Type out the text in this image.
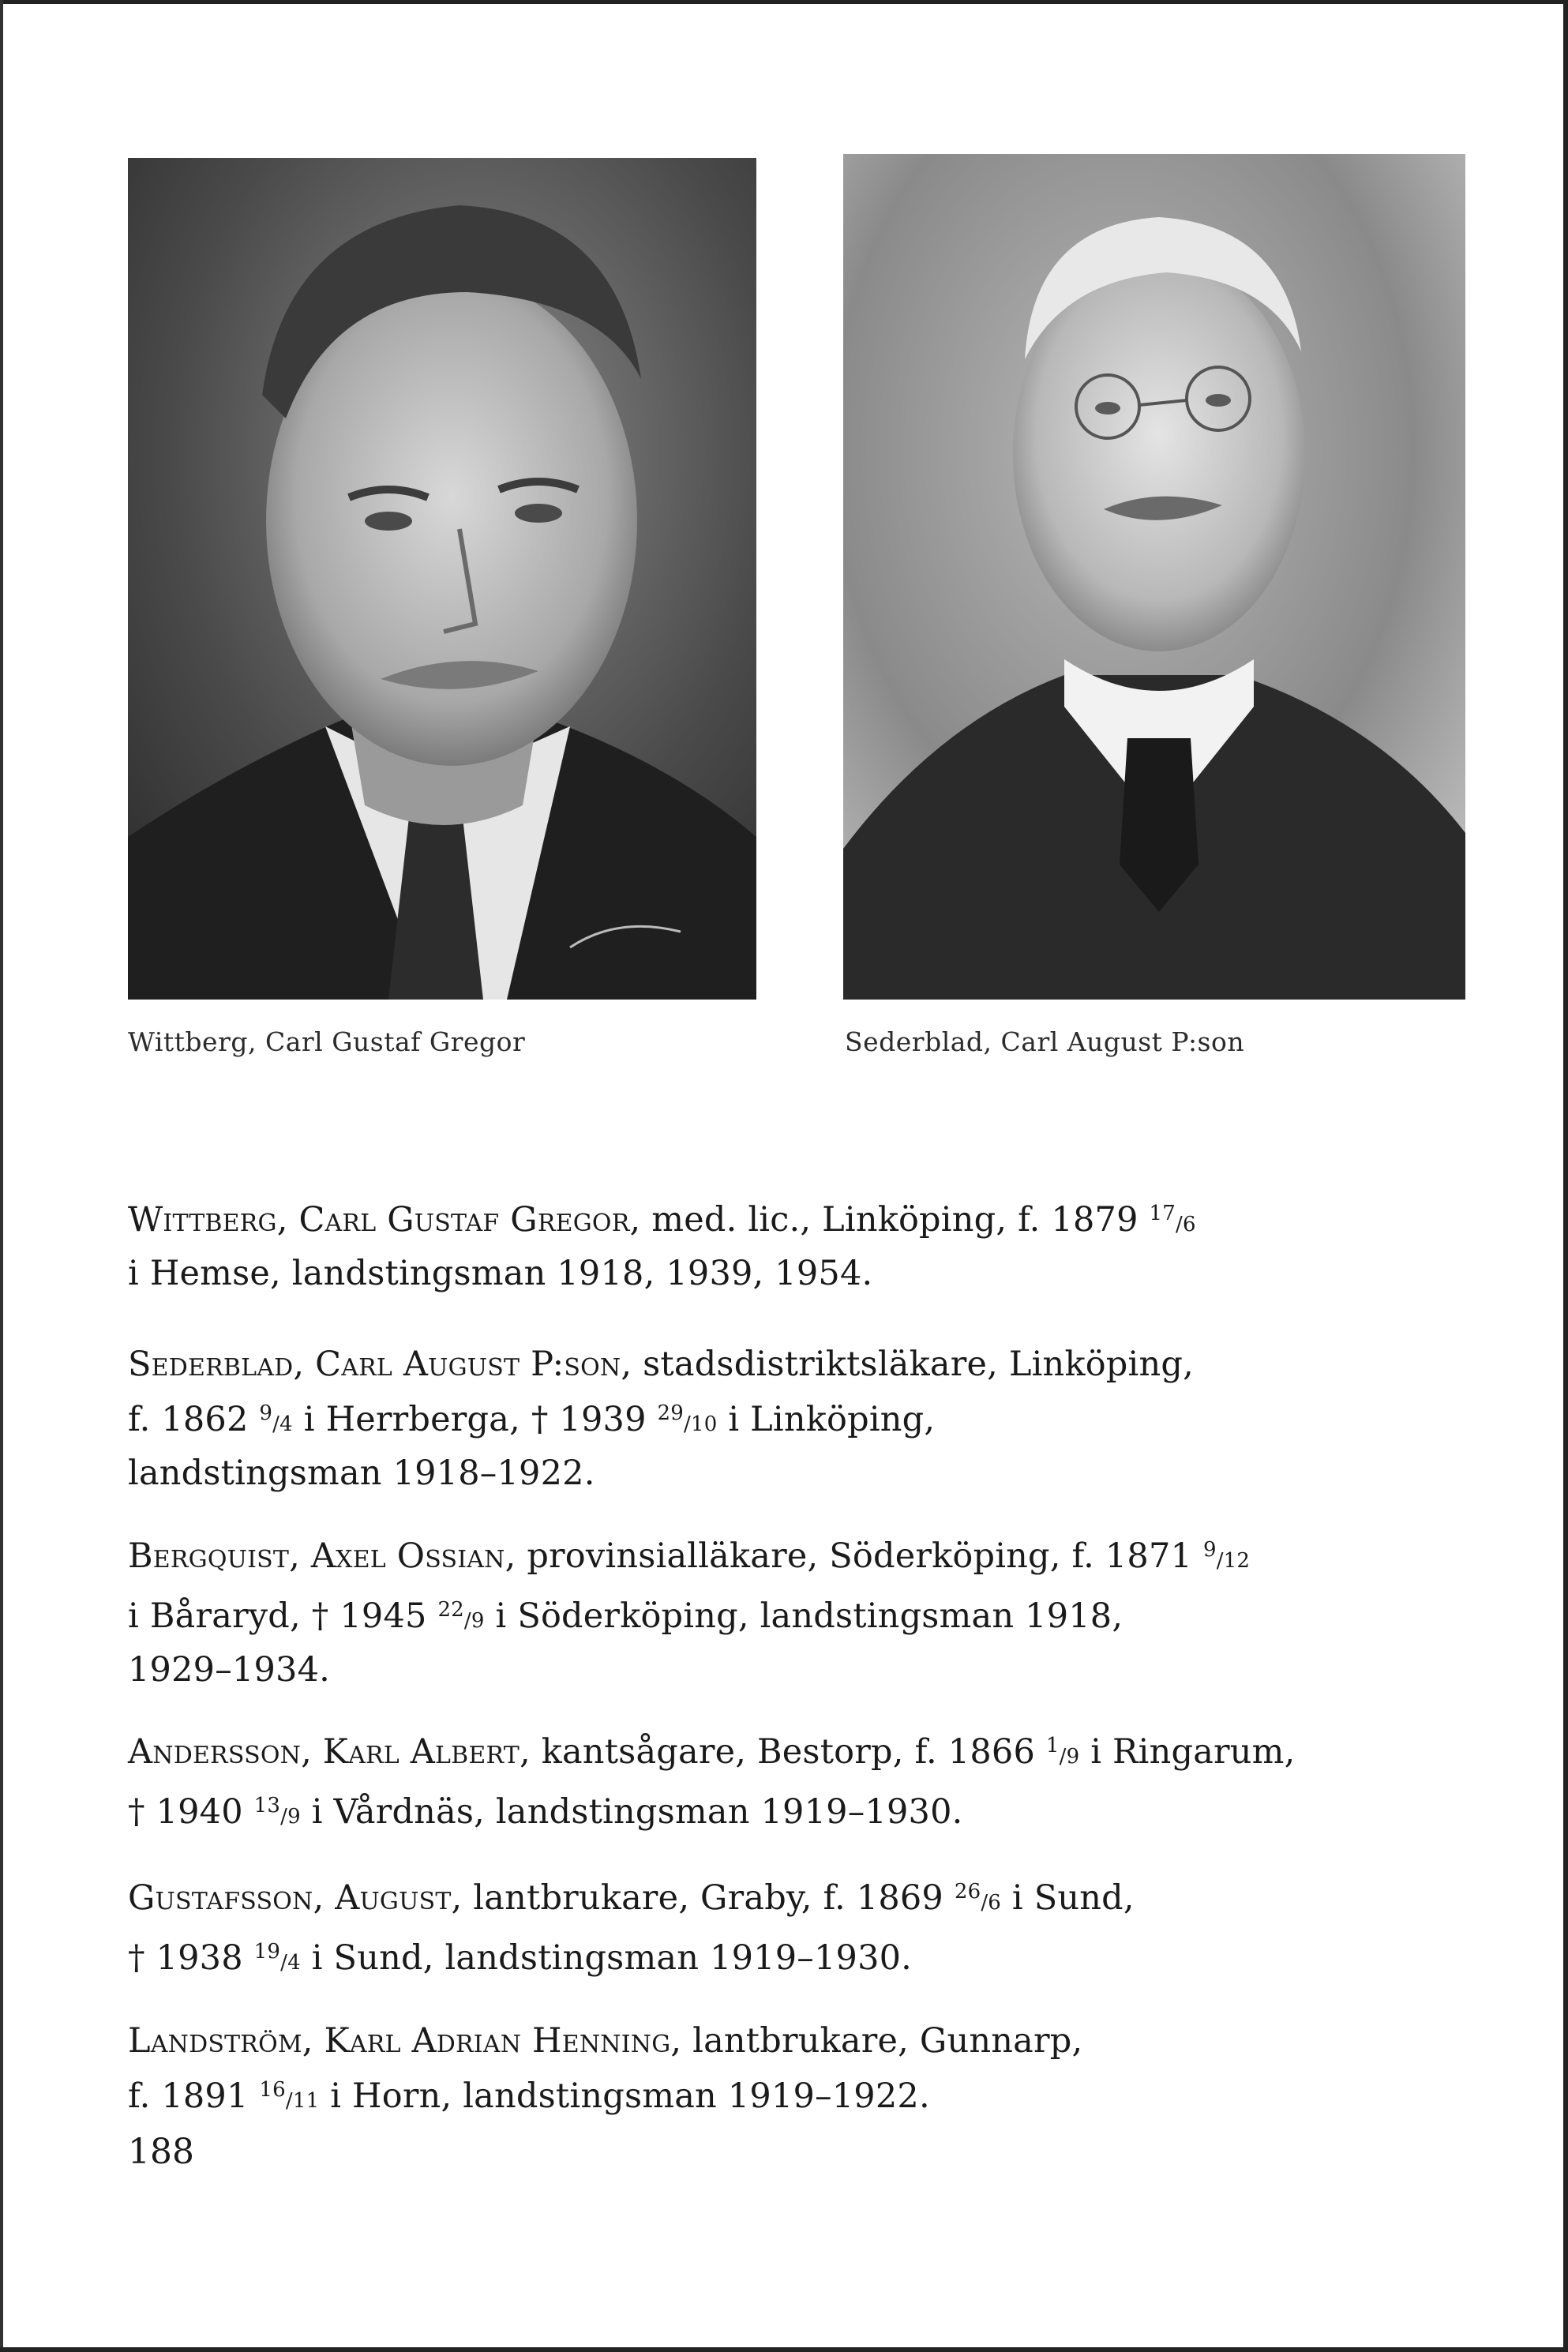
Wittberg, Carl Gustaf Gregor	Sederblad, Carl August P:son
Wittberg, Carl Gustaf Gregor, med. lic., Linköping, f. 1879 $^{17}$/6
i Hemse, landstingsman 1918, 1939, 1954.
Sederblad, Carl August P:son, stadsdistriktsläkare, Linköping,
f. 1862 $^9$/4 i Herrberga, † 1939 $^{29}$/10 i Linköping,
landstingsman 1918–1922.
Bergquist, Axel Ossian, provinsialläkare, Söderköping, f. 1871 $^9$/12
i Båraryd, † 1945 $^{22}$/9 i Söderköping, landstingsman 1918,
1929–1934.
Andersson, Karl Albert, kantsågare, Bestorp, f. 1866 $^1$/9 i Ringarum,
† 1940 $^{13}$/9 i Vårdnäs, landstingsman 1919–1930.
Gustafsson, August, lantbrukare, Graby, f. 1869 $^{26}$/6 i Sund,
† 1938 $^{19}$/4 i Sund, landstingsman 1919–1930.
Landström, Karl Adrian Henning, lantbrukare, Gunnarp,
f. 1891 $^{16}$/11 i Horn, landstingsman 1919–1922.
188
